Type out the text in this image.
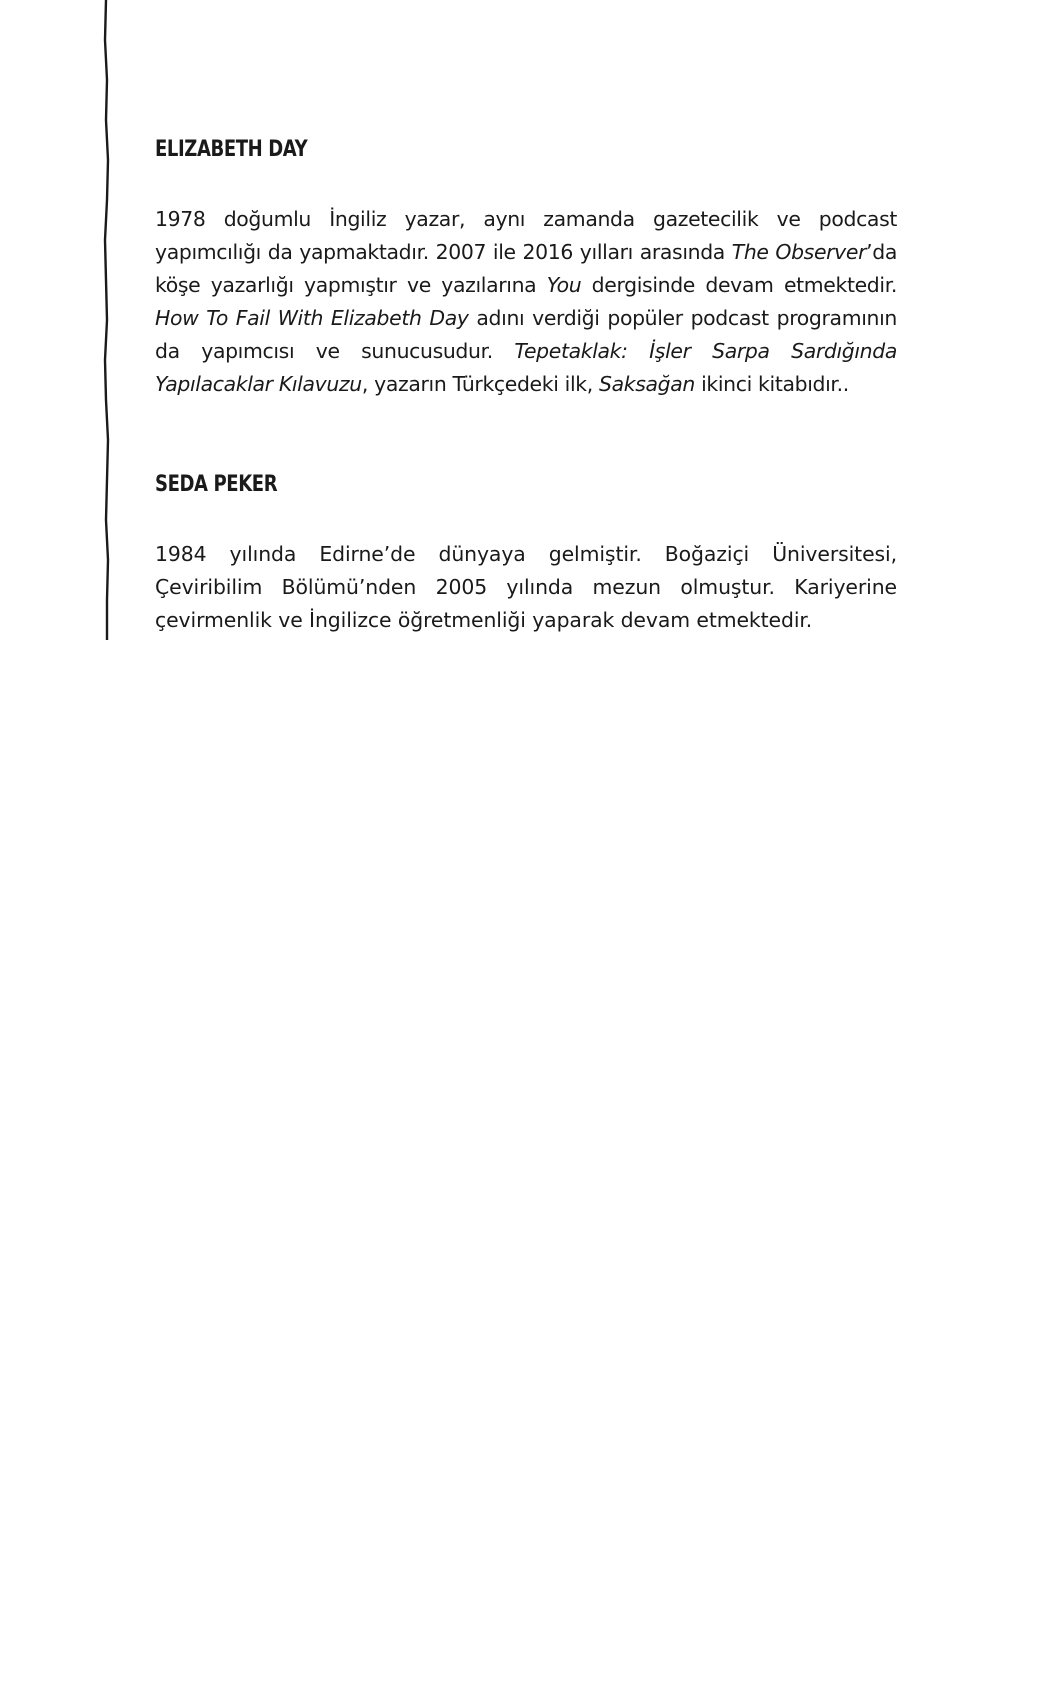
ELIZABETH DAY

1978 doğumlu İngiliz yazar, aynı zamanda gazetecilik ve podcast yapımcılığı da yapmaktadır. 2007 ile 2016 yılları arasında The Observer’da köşe yazarlığı yapmıştır ve yazılarına You dergisinde devam etmektedir. How To Fail With Elizabeth Day adını verdiği popüler podcast programının da yapımcısı ve sunucusudur. Tepetaklak: İşler Sarpa Sardığında Yapılacaklar Kılavuzu, yazarın Türkçedeki ilk, Saksağan ikinci kitabıdır..

SEDA PEKER

1984 yılında Edirne’de dünyaya gelmiştir. Boğaziçi Üniversitesi, Çeviribilim Bölümü’nden 2005 yılında mezun olmuştur. Kariyerine çevirmenlik ve İngilizce öğretmenliği yaparak devam etmektedir.
